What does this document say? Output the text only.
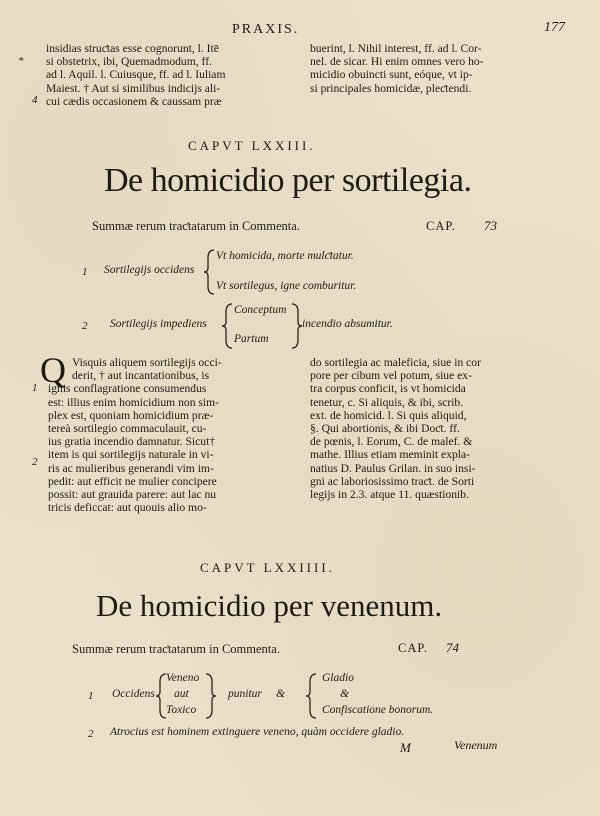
PRAXIS.	177
*
4
insidias struƈtas esse cognorunt, l. Itē
si obstetrix, ibi, Quemadmodum, ff.
ad l. Aquil. l. Cuiusque, ff. ad l. Iuliam
Maiest. † Aut si similibus indicijs ali-
cui cædis occasionem & caussam præ
buerint, l. Nihil interest, ff. ad l. Cor-
nel. de sicar. Hi enim omnes vero ho-
micidio obuincti sunt, eóque, vt ip-
si principales homicidæ, pleƈtendi.
CAPVT LXXIII.
De homicidio per sortilegia.
Summæ rerum traƈtatarum in Commenta.	CAP. 73
1 Sortilegijs occidens
Vt homicida, morte mulƈtatur.
Vt sortilegus, igne comburitur.
2 Sortilegijs impediens
Conceptum
Partum
incendio absumitur.
Q
1
2
Visquis aliquem sortilegijs occi-
derit, † aut incantationibus, is
ignis conflagratione consumendus
est: illius enim homicidium non sim-
plex est, quoniam homicidium præ-
tereà sortilegio commaculauit, cu-
ius gratia incendio damnatur. Sicut†
item is qui sortilegijs naturale in vi-
ris ac mulieribus generandi vim im-
pedit: aut efficit ne mulier concipere
possit: aut grauida parere: aut lac nu
tricis deficcat: aut quouis alio mo-
do sortilegia ac maleficia, siue in cor
pore per cibum vel potum, siue ex-
tra corpus conficit, is vt homicida
tenetur, c. Si aliquis, & ibi, scrib.
ext. de homicid. l. Si quis aliquid,
§. Qui abortionis, & ibi Doƈt. ff.
de pœnis, l. Eorum, C. de malef. &
mathe. Illius etiam meminit expla-
natius D. Paulus Grilan. in suo insi-
gni ac laboriosissimo traƈt. de Sorti
legijs in 2.3. atque 11. quæstionib.
CAPVT LXXIIII.
De homicidio per venenum.
Summæ rerum traƈtatarum in Commenta.	CAP. 74
1 Occidens
Veneno
aut
Toxico
punitur &
Gladio
&
Confiscatione bonorum.
2 Atrocius est hominem extinguere veneno, quàm occidere gladio.
M	Venenum
